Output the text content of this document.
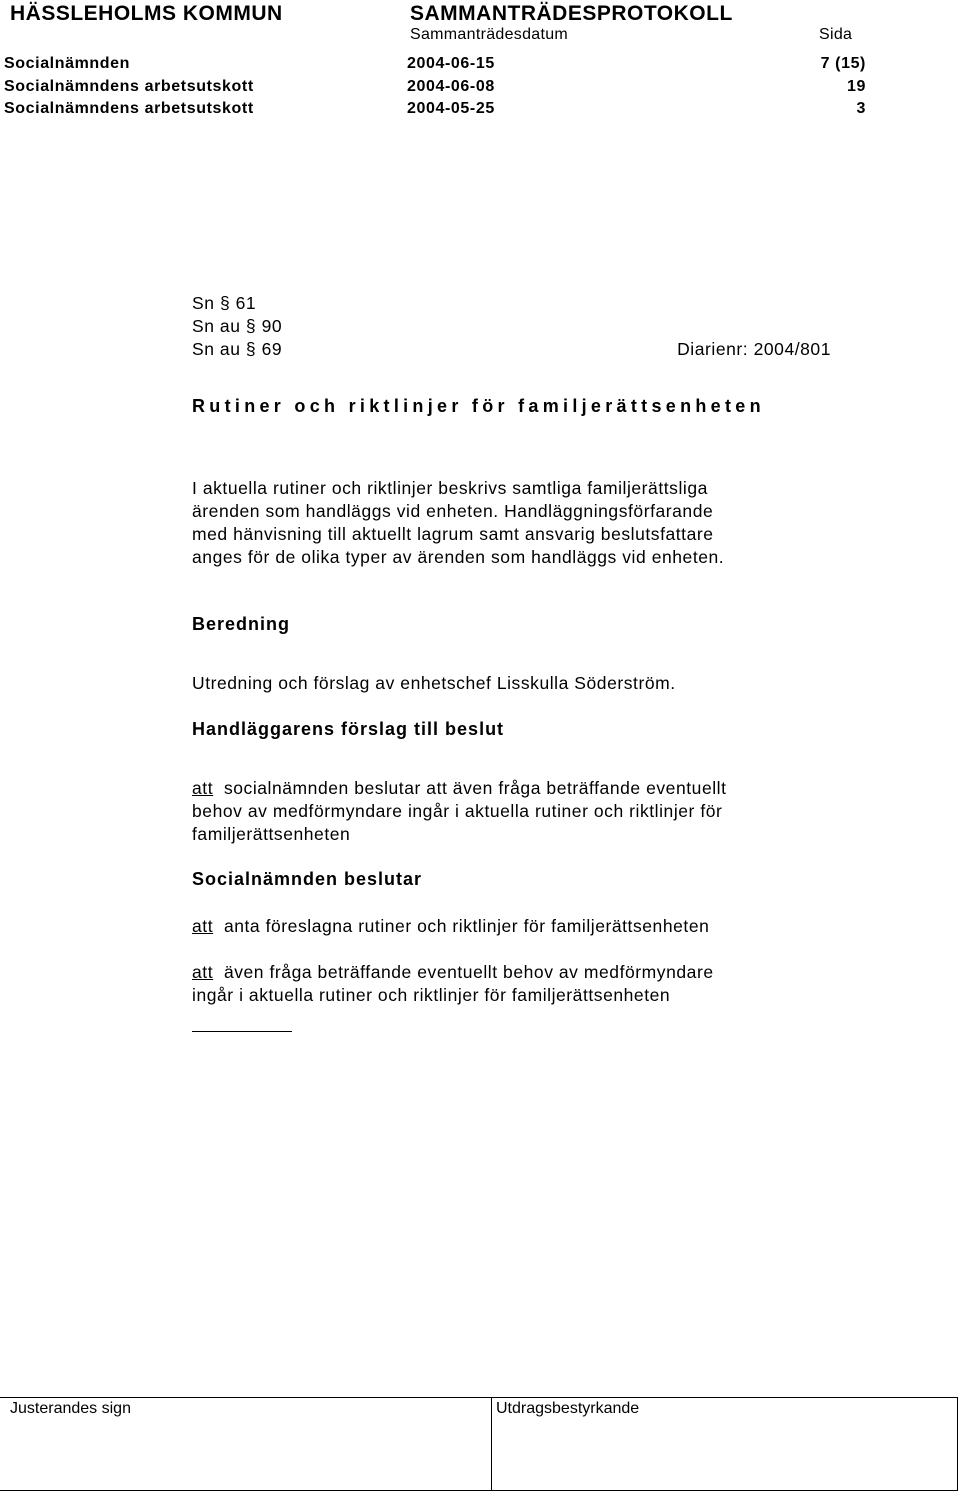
HÄSSLEHOLMS KOMMUN	SAMMANTRÄDESPROTOKOLL
Sammanträdesdatum	Sida
Socialnämnden	2004-06-15	7 (15)
Socialnämndens arbetsutskott	2004-06-08	19
Socialnämndens arbetsutskott	2004-05-25	3
Sn § 61
Sn au § 90
Sn au § 69	Diarienr: 2004/801
Rutiner och riktlinjer för familjerättsenheten
I aktuella rutiner och riktlinjer beskrivs samtliga familjerättsliga
ärenden som handläggs vid enheten. Handläggningsförfarande
med hänvisning till aktuellt lagrum samt ansvarig beslutsfattare
anges för de olika typer av ärenden som handläggs vid enheten.
Beredning
Utredning och förslag av enhetschef Lisskulla Söderström.
Handläggarens förslag till beslut
att socialnämnden beslutar att även fråga beträffande eventuellt
behov av medförmyndare ingår i aktuella rutiner och riktlinjer för
familjerättsenheten
Socialnämnden beslutar
att anta föreslagna rutiner och riktlinjer för familjerättsenheten
att även fråga beträffande eventuellt behov av medförmyndare
ingår i aktuella rutiner och riktlinjer för familjerättsenheten
Justerandes sign	Utdragsbestyrkande
